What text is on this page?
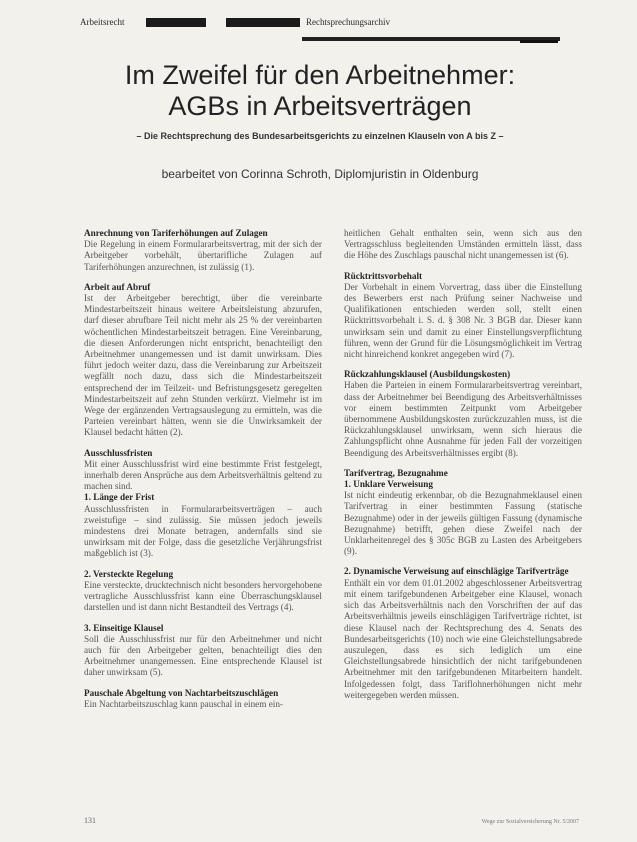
Arbeitsrecht	Rechtsprechungsarchiv
Im Zweifel für den Arbeitnehmer:
AGBs in Arbeitsverträgen
– Die Rechtsprechung des Bundesarbeitsgerichts zu einzelnen Klauseln von A bis Z –
bearbeitet von Corinna Schroth, Diplomjuristin in Oldenburg
Anrechnung von Tariferhöhungen auf Zulagen

Die Regelung in einem Formulararbeitsvertrag, mit der sich der Arbeitgeber vorbehält, übertarifliche Zulagen auf Tariferhöhungen anzurechnen, ist zulässig (1).

Arbeit auf Abruf

Ist der Arbeitgeber berechtigt, über die vereinbarte Mindestarbeitszeit hinaus weitere Arbeitsleistung abzurufen, darf dieser abrufbare Teil nicht mehr als 25 % der vereinbarten wöchentlichen Mindestarbeitszeit betragen. Eine Vereinbarung, die diesen Anforderungen nicht entspricht, benachteiligt den Arbeitnehmer unangemessen und ist damit unwirksam. Dies führt jedoch weiter dazu, dass die Vereinbarung zur Arbeitszeit wegfällt noch dazu, dass sich die Mindestarbeitszeit entsprechend der im Teilzeit- und Befristungsgesetz geregelten Mindestarbeitszeit auf zehn Stunden verkürzt. Vielmehr ist im Wege der ergänzenden Vertragsauslegung zu ermitteln, was die Parteien vereinbart hätten, wenn sie die Unwirksamkeit der Klausel bedacht hätten (2).

Ausschlussfristen

Mit einer Ausschlussfrist wird eine bestimmte Frist festgelegt, innerhalb deren Ansprüche aus dem Arbeitsverhältnis geltend zu machen sind.

1. Länge der Frist

Ausschlussfristen in Formulararbeitsverträgen – auch zweistufige – sind zulässig. Sie müssen jedoch jeweils mindestens drei Monate betragen, andernfalls sind sie unwirksam mit der Folge, dass die gesetzliche Verjährungsfrist maßgeblich ist (3).

2. Versteckte Regelung

Eine versteckte, drucktechnisch nicht besonders hervorgehobene vertragliche Ausschlussfrist kann eine Überraschungsklausel darstellen und ist dann nicht Bestandteil des Vertrags (4).

3. Einseitige Klausel

Soll die Ausschlussfrist nur für den Arbeitnehmer und nicht auch für den Arbeitgeber gelten, benachteiligt dies den Arbeitnehmer unangemessen. Eine entsprechende Klausel ist daher unwirksam (5).

Pauschale Abgeltung von Nachtarbeitszuschlägen

Ein Nachtarbeitszuschlag kann pauschal in einem ein-

heitlichen Gehalt enthalten sein, wenn sich aus den Vertragsschluss begleitenden Umständen ermitteln lässt, dass die Höhe des Zuschlags pauschal nicht unangemessen ist (6).

Rücktrittsvorbehalt

Der Vorbehalt in einem Vorvertrag, dass über die Einstellung des Bewerbers erst nach Prüfung seiner Nachweise und Qualifikationen entschieden werden soll, stellt einen Rücktrittsvorbehalt i. S. d. § 308 Nr. 3 BGB dar. Dieser kann unwirksam sein und damit zu einer Einstellungsverpflichtung führen, wenn der Grund für die Lösungsmöglichkeit im Vertrag nicht hinreichend konkret angegeben wird (7).

Rückzahlungsklausel (Ausbildungskosten)

Haben die Parteien in einem Formulararbeitsvertrag vereinbart, dass der Arbeitnehmer bei Beendigung des Arbeitsverhältnisses vor einem bestimmten Zeitpunkt vom Arbeitgeber übernommene Ausbildungskosten zurückzuzahlen muss, ist die Rückzahlungsklausel unwirksam, wenn sich hieraus die Zahlungspflicht ohne Ausnahme für jeden Fall der vorzeitigen Beendigung des Arbeitsverhältnisses ergibt (8).

Tarifvertrag, Bezugnahme
1. Unklare Verweisung

Ist nicht eindeutig erkennbar, ob die Bezugnahmeklausel einen Tarifvertrag in einer bestimmten Fassung (statische Bezugnahme) oder in der jeweils gültigen Fassung (dynamische Bezugnahme) betrifft, gehen diese Zweifel nach der Unklarheitenregel des § 305c BGB zu Lasten des Arbeitgebers (9).

2. Dynamische Verweisung auf einschlägige Tarifverträge

Enthält ein vor dem 01.01.2002 abgeschlossener Arbeitsvertrag mit einem tarifgebundenen Arbeitgeber eine Klausel, wonach sich das Arbeitsverhältnis nach den Vorschriften der auf das Arbeitsverhältnis jeweils einschlägigen Tarifverträge richtet, ist diese Klausel nach der Rechtsprechung des 4. Senats des Bundesarbeitsgerichts (10) noch wie eine Gleichstellungsabrede auszulegen, dass es sich lediglich um eine Gleichstellungsabrede hinsichtlich der nicht tarifgebundenen Arbeitnehmer mit den tarifgebundenen Mitarbeitern handelt. Infolgedessen folgt, dass Tariflohnerhöhungen nicht mehr weitergegeben werden müssen.

131	Wege zur Sozialversicherung Nr. 5/2007
